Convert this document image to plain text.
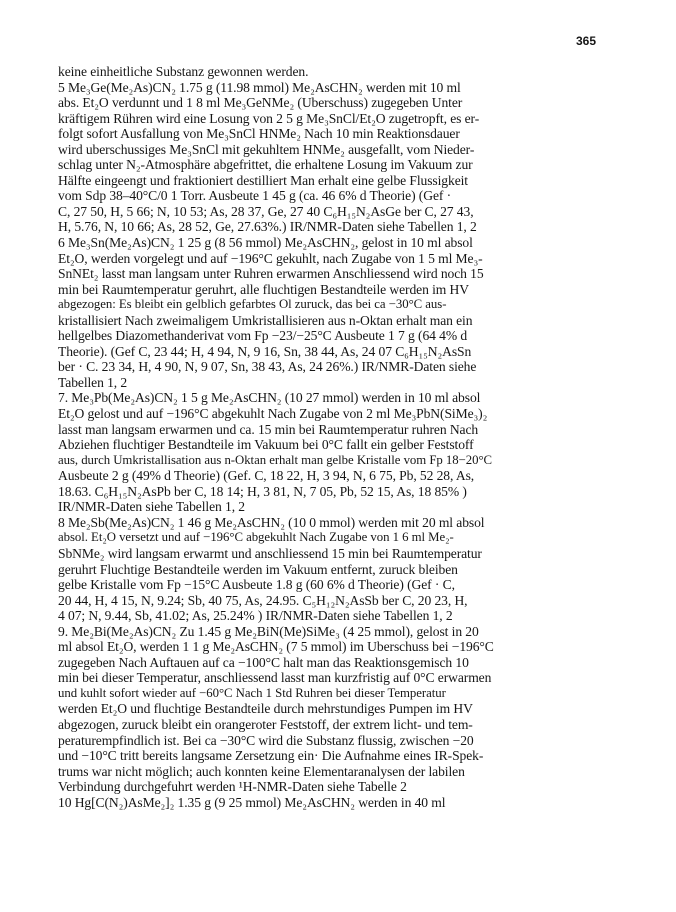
365
keine einheitliche Substanz gewonnen werden.
5 Me₃Ge(Me₂As)CN₂ 1.75 g (11.98 mmol) Me₂AsCHN₂ werden mit 10 ml
abs. Et₂O verdunnt und 1 8 ml Me₃GeNMe₂ (Uberschuss) zugegeben Unter
kräftigem Rühren wird eine Losung von 2 5 g Me₃SnCl/Et₂O zugetropft, es er-
folgt sofort Ausfallung von Me₃SnCl HNMe₂ Nach 10 min Reaktionsdauer
wird uberschussiges Me₃SnCl mit gekuhltem HNMe₂ ausgefallt, vom Nieder-
schlag unter N₂-Atmosphäre abgefrittet, die erhaltene Losung im Vakuum zur
Hälfte eingeengt und fraktioniert destilliert Man erhalt eine gelbe Flussigkeit
vom Sdp 38–40°C/0 1 Torr. Ausbeute 1 45 g (ca. 46 6% d Theorie) (Gef ·
C, 27 50, H, 5 66; N, 10 53; As, 28 37, Ge, 27 40 C₆H₁₅N₂AsGe ber C, 27 43,
H, 5.76, N, 10 66; As, 28 52, Ge, 27.63%.) IR/NMR-Daten siehe Tabellen 1, 2
6 Me₃Sn(Me₂As)CN₂ 1 25 g (8 56 mmol) Me₂AsCHN₂, gelost in 10 ml absol
Et₂O, werden vorgelegt und auf −196°C gekuhlt, nach Zugabe von 1 5 ml Me₃-
SnNEt₂ lasst man langsam unter Ruhren erwarmen Anschliessend wird noch 15
min bei Raumtemperatur geruhrt, alle fluchtigen Bestandteile werden im HV
abgezogen: Es bleibt ein gelblich gefarbtes Ol zuruck, das bei ca −30°C aus-
kristallisiert Nach zweimaligem Umkristallisieren aus n-Oktan erhalt man ein
hellgelbes Diazomethanderivat vom Fp −23/−25°C Ausbeute 1 7 g (64 4% d
Theorie). (Gef C, 23 44; H, 4 94, N, 9 16, Sn, 38 44, As, 24 07 C₆H₁₅N₂AsSn
ber · C. 23 34, H, 4 90, N, 9 07, Sn, 38 43, As, 24 26%.) IR/NMR-Daten siehe
Tabellen 1, 2
7. Me₃Pb(Me₂As)CN₂ 1 5 g Me₂AsCHN₂ (10 27 mmol) werden in 10 ml absol
Et₂O gelost und auf −196°C abgekuhlt Nach Zugabe von 2 ml Me₃PbN(SiMe₃)₂
lasst man langsam erwarmen und ca. 15 min bei Raumtemperatur ruhren Nach
Abziehen fluchtiger Bestandteile im Vakuum bei 0°C fallt ein gelber Feststoff
aus, durch Umkristallisation aus n-Oktan erhalt man gelbe Kristalle vom Fp 18−20°C
Ausbeute 2 g (49% d Theorie) (Gef. C, 18 22, H, 3 94, N, 6 75, Pb, 52 28, As,
18.63. C₆H₁₅N₂AsPb ber C, 18 14; H, 3 81, N, 7 05, Pb, 52 15, As, 18 85% )
IR/NMR-Daten siehe Tabellen 1, 2
8 Me₂Sb(Me₂As)CN₂ 1 46 g Me₂AsCHN₂ (10 0 mmol) werden mit 20 ml absol
absol. Et₂O versetzt und auf −196°C abgekuhlt Nach Zugabe von 1 6 ml Me₂-
SbNMe₂ wird langsam erwarmt und anschliessend 15 min bei Raumtemperatur
geruhrt Fluchtige Bestandteile werden im Vakuum entfernt, zuruck bleiben
gelbe Kristalle vom Fp −15°C Ausbeute 1.8 g (60 6% d Theorie) (Gef · C,
20 44, H, 4 15, N, 9.24; Sb, 40 75, As, 24.95. C₅H₁₂N₂AsSb ber C, 20 23, H,
4 07; N, 9.44, Sb, 41.02; As, 25.24% ) IR/NMR-Daten siehe Tabellen 1, 2
9. Me₂Bi(Me₂As)CN₂ Zu 1.45 g Me₂BiN(Me)SiMe₃ (4 25 mmol), gelost in 20
ml absol Et₂O, werden 1 1 g Me₂AsCHN₂ (7 5 mmol) im Uberschuss bei −196°C
zugegeben Nach Auftauen auf ca −100°C halt man das Reaktionsgemisch 10
min bei dieser Temperatur, anschliessend lasst man kurzfristig auf 0°C erwarmen
und kuhlt sofort wieder auf −60°C Nach 1 Std Ruhren bei dieser Temperatur
werden Et₂O und fluchtige Bestandteile durch mehrstundiges Pumpen im HV
abgezogen, zuruck bleibt ein orangeroter Feststoff, der extrem licht- und tem-
peraturempfindlich ist. Bei ca −30°C wird die Substanz flussig, zwischen −20
und −10°C tritt bereits langsame Zersetzung ein· Die Aufnahme eines IR-Spek-
trums war nicht möglich; auch konnten keine Elementaranalysen der labilen
Verbindung durchgefuhrt werden ¹H-NMR-Daten siehe Tabelle 2
10 Hg[C(N₂)AsMe₂]₂ 1.35 g (9 25 mmol) Me₂AsCHN₂ werden in 40 ml
